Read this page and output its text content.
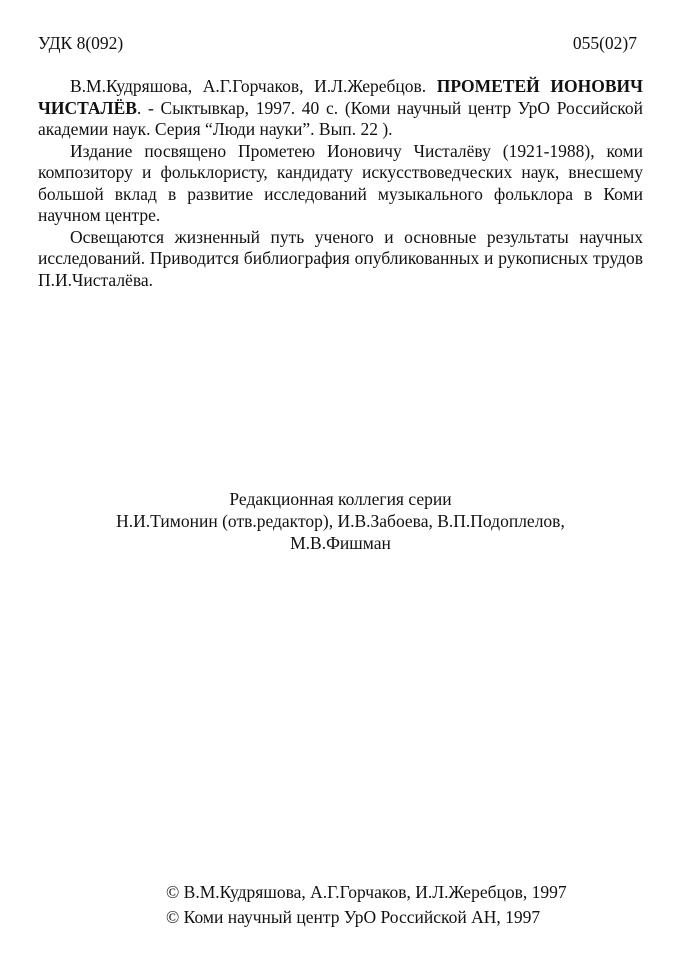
УДК 8(092)	055(02)7

В.М.Кудряшова, А.Г.Горчаков, И.Л.Жеребцов. ПРОМЕТЕЙ ИОНОВИЧ ЧИСТАЛЁВ. - Сыктывкар, 1997. 40 с. (Коми научный центр УрО Российской академии наук. Серия “Люди науки”. Вып. 22 ).

Издание посвящено Прометею Ионовичу Чисталёву (1921-1988), коми композитору и фольклористу, кандидату искусствоведческих наук, внесшему большой вклад в развитие исследований музыкального фольклора в Коми научном центре.

Освещаются жизненный путь ученого и основные результаты научных исследований. Приводится библиография опубликованных и рукописных трудов П.И.Чисталёва.

Редакционная коллегия серии
Н.И.Тимонин (отв.редактор), И.В.Забоева, В.П.Подоплелов,
М.В.Фишман
© В.М.Кудряшова, А.Г.Горчаков, И.Л.Жеребцов, 1997
© Коми научный центр УрО Российской АН, 1997
